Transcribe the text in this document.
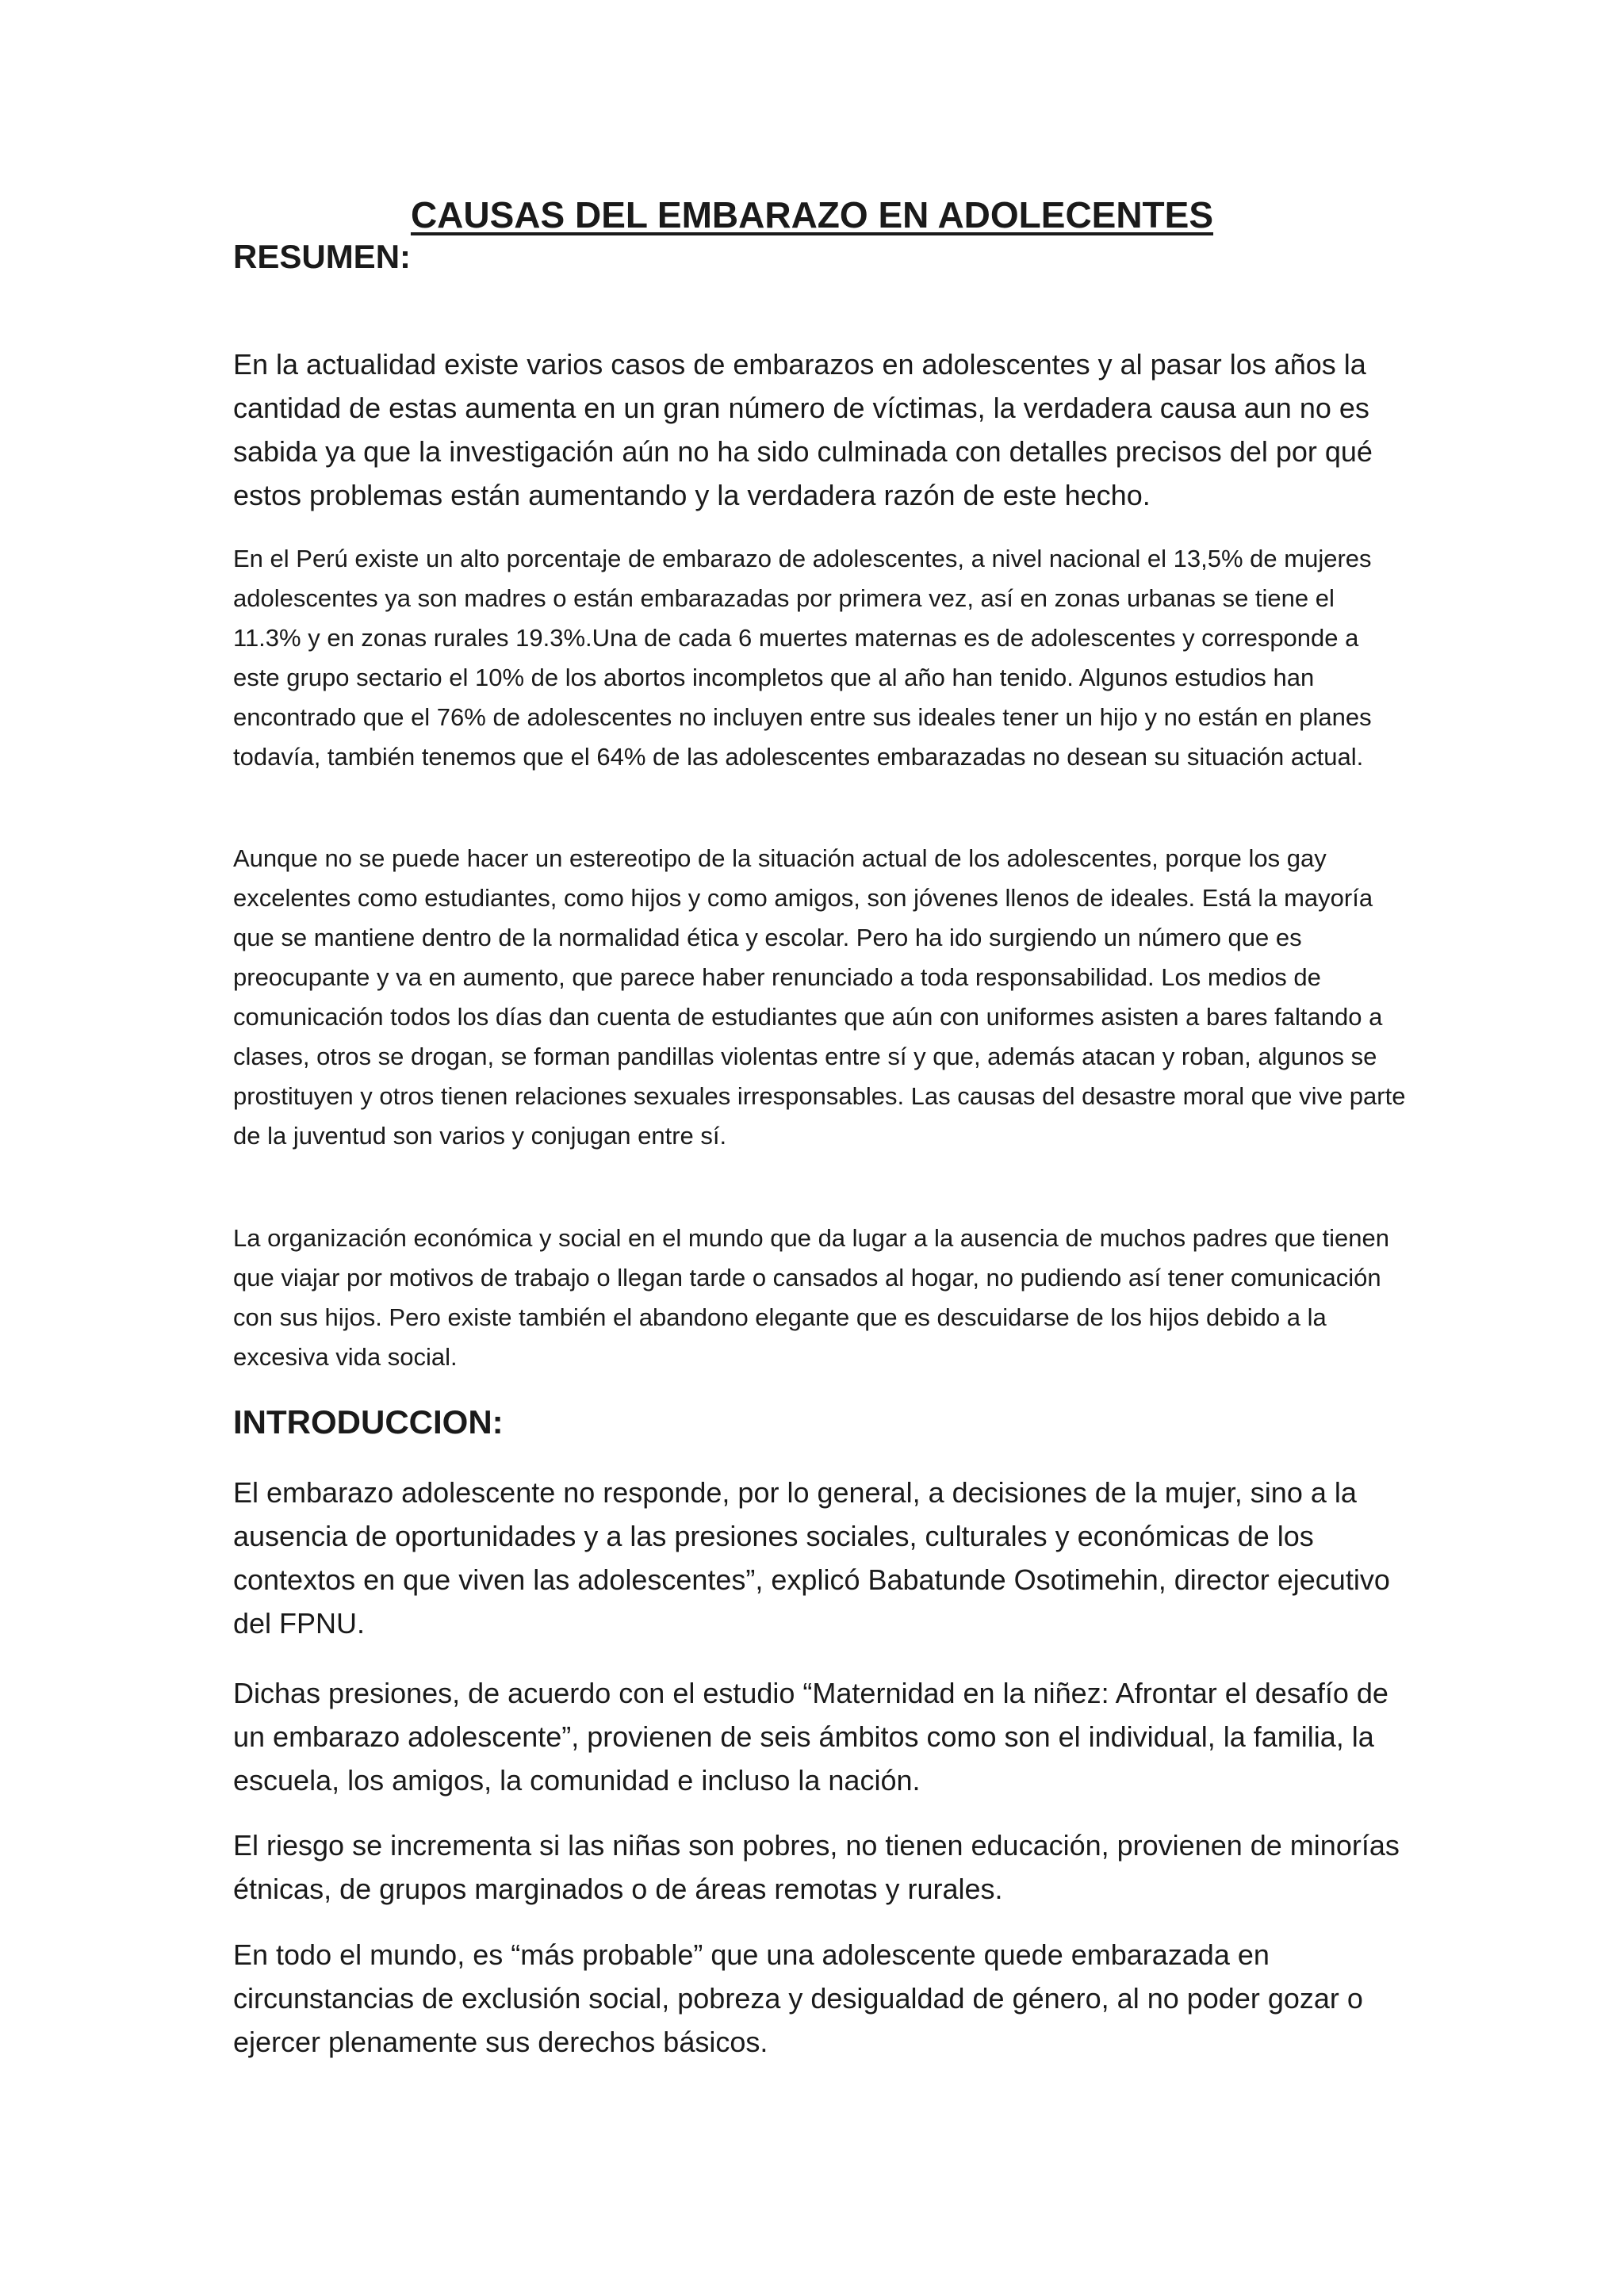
CAUSAS DEL EMBARAZO EN ADOLECENTES
RESUMEN:

En la actualidad existe varios casos de embarazos en adolescentes y al pasar los años la cantidad de estas aumenta en un gran número de víctimas, la verdadera causa aun no es sabida ya que la investigación aún no ha sido culminada con detalles precisos del por qué estos problemas están aumentando y la verdadera razón de este hecho.

En el Perú existe un alto porcentaje de embarazo de adolescentes, a nivel nacional el 13,5% de mujeres adolescentes ya son madres o están embarazadas por primera vez, así en zonas urbanas se tiene el 11.3% y en zonas rurales 19.3%.Una de cada 6 muertes maternas es de adolescentes y corresponde a este grupo sectario el 10% de los abortos incompletos que al año han tenido. Algunos estudios han encontrado que el 76% de adolescentes no incluyen entre sus ideales tener un hijo y no están en planes todavía, también tenemos que el 64% de las adolescentes embarazadas no desean su situación actual.

Aunque no se puede hacer un estereotipo de la situación actual de los adolescentes, porque los gay excelentes como estudiantes, como hijos y como amigos, son jóvenes llenos de ideales. Está la mayoría que se mantiene dentro de la normalidad ética y escolar. Pero ha ido surgiendo un número que es preocupante y va en aumento, que parece haber renunciado a toda responsabilidad. Los medios de comunicación todos los días dan cuenta de estudiantes que aún con uniformes asisten a bares faltando a clases, otros se drogan, se forman pandillas violentas entre sí y que, además atacan y roban, algunos se prostituyen y otros tienen relaciones sexuales irresponsables. Las causas del desastre moral que vive parte de la juventud son varios y conjugan entre sí.

La organización económica y social en el mundo que da lugar a la ausencia de muchos padres que tienen que viajar por motivos de trabajo o llegan tarde o cansados al hogar, no pudiendo así tener comunicación con sus hijos. Pero existe también el abandono elegante que es descuidarse de los hijos debido a la excesiva vida social.

INTRODUCCION:

El embarazo adolescente no responde, por lo general, a decisiones de la mujer, sino a la ausencia de oportunidades y a las presiones sociales, culturales y económicas de los contextos en que viven las adolescentes”, explicó Babatunde Osotimehin, director ejecutivo del FPNU.

Dichas presiones, de acuerdo con el estudio “Maternidad en la niñez: Afrontar el desafío de un embarazo adolescente”, provienen de seis ámbitos como son el individual, la familia, la escuela, los amigos, la comunidad e incluso la nación.

El riesgo se incrementa si las niñas son pobres, no tienen educación, provienen de minorías étnicas, de grupos marginados o de áreas remotas y rurales.

En todo el mundo, es “más probable” que una adolescente quede embarazada en circunstancias de exclusión social, pobreza y desigualdad de género, al no poder gozar o ejercer plenamente sus derechos básicos.
